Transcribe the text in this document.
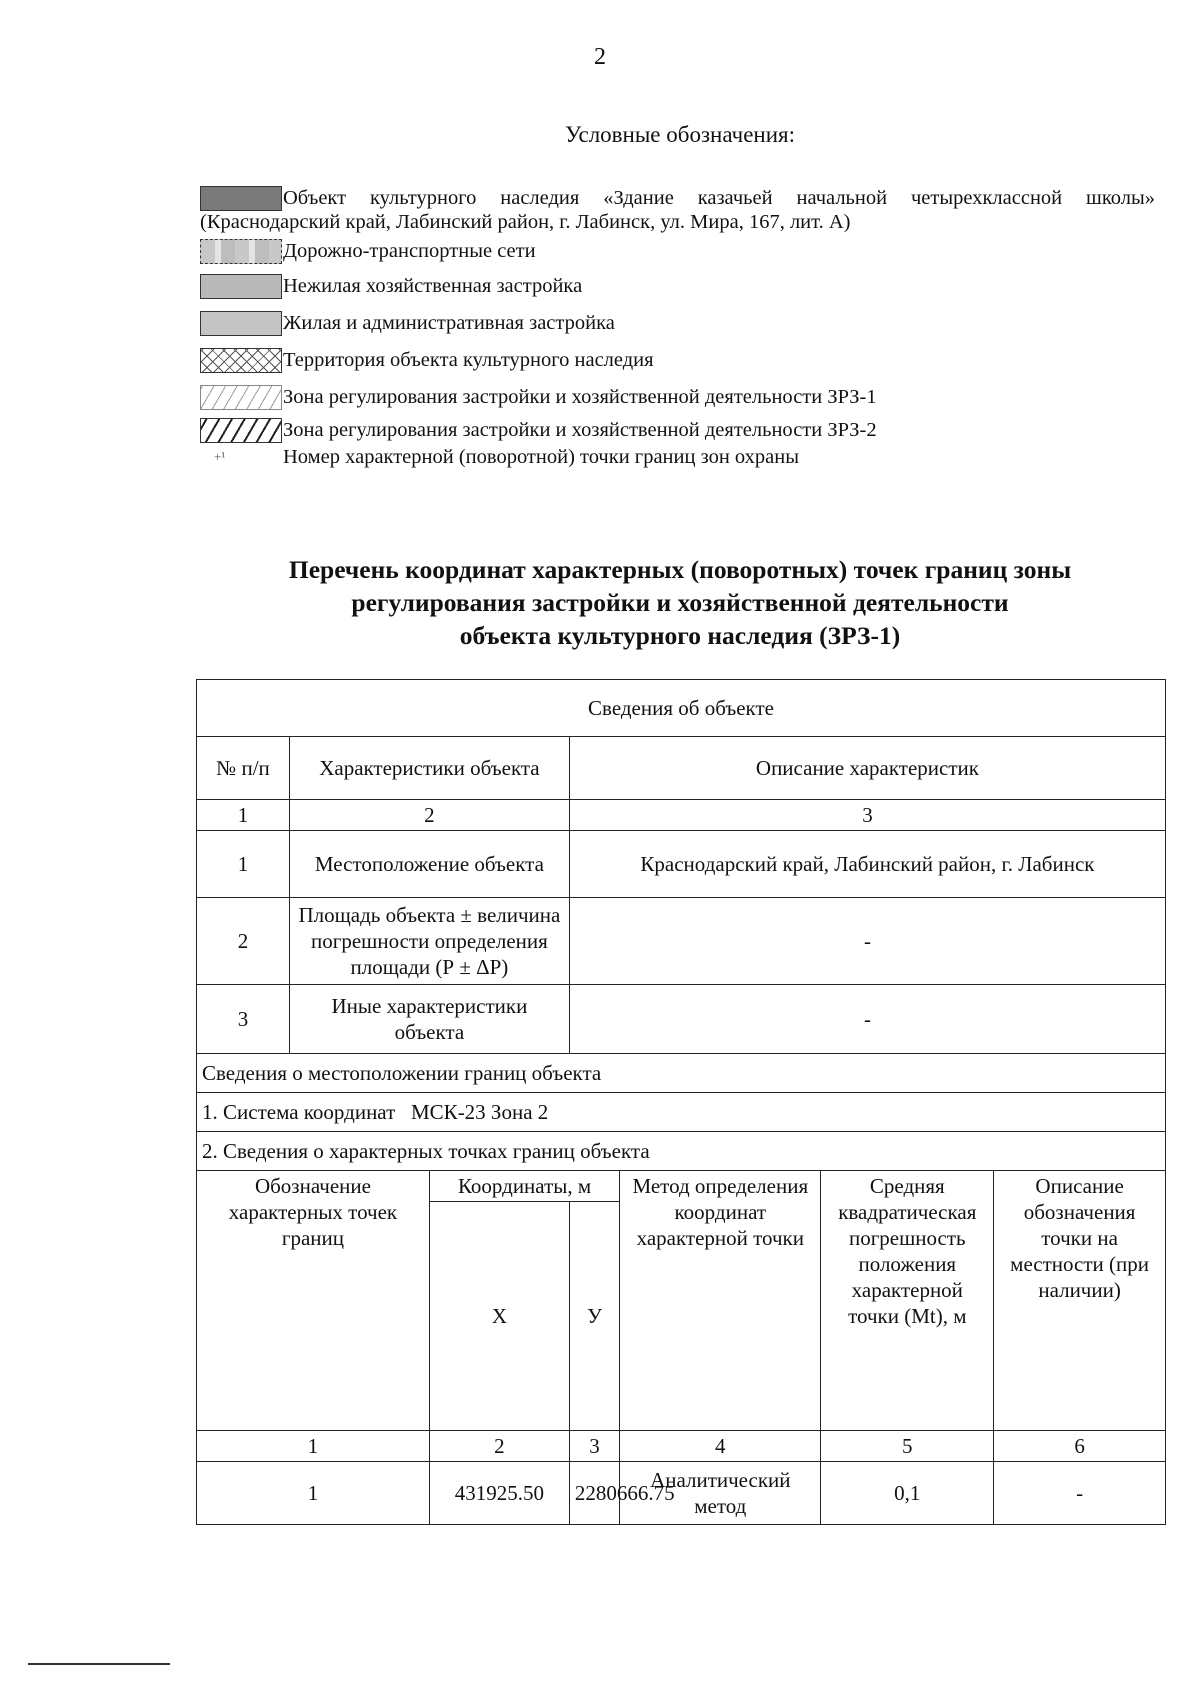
2
Условные обозначения:
Объект культурного наследия «Здание казачьей начальной четырехклассной школы» (Краснодарский край, Лабинский район, г. Лабинск, ул. Мира, 167, лит. А)
Дорожно-транспортные сети
Нежилая хозяйственная застройка
Жилая и административная застройка
Территория объекта культурного наследия
Зона регулирования застройки и хозяйственной деятельности ЗРЗ-1
Зона регулирования застройки и хозяйственной деятельности ЗРЗ-2
+¹	Номер характерной (поворотной) точки границ зон охраны
Перечень координат характерных (поворотных) точек границ зоны
регулирования застройки и хозяйственной деятельности
объекта культурного наследия (ЗРЗ-1)
Сведения об объекте						
№ п/п	Характеристики объекта		Описание характеристик			
1	2		3			
1	Местоположение объекта		Краснодарский край, Лабинский район, г. Лабинск			
2	Площадь объекта ± величина погрешности определения площади (Р ± ΔР)		-			
3	Иные характеристики объекта		-			
Сведения о местоположении границ объекта						
1. Система координат   МСК-23 Зона 2						
2. Сведения о характерных точках границ объекта						
Обозначение характерных точек границ		Координаты, м		Метод определения координат характерной точки	Средняя квадратическая погрешность положения характерной точки (Mt), м	Описание обозначения точки на местности (при наличии)
		X	У			
1		2	3	4	5	6
1		431925.50	2280666.75	Аналитический метод	0,1	-
